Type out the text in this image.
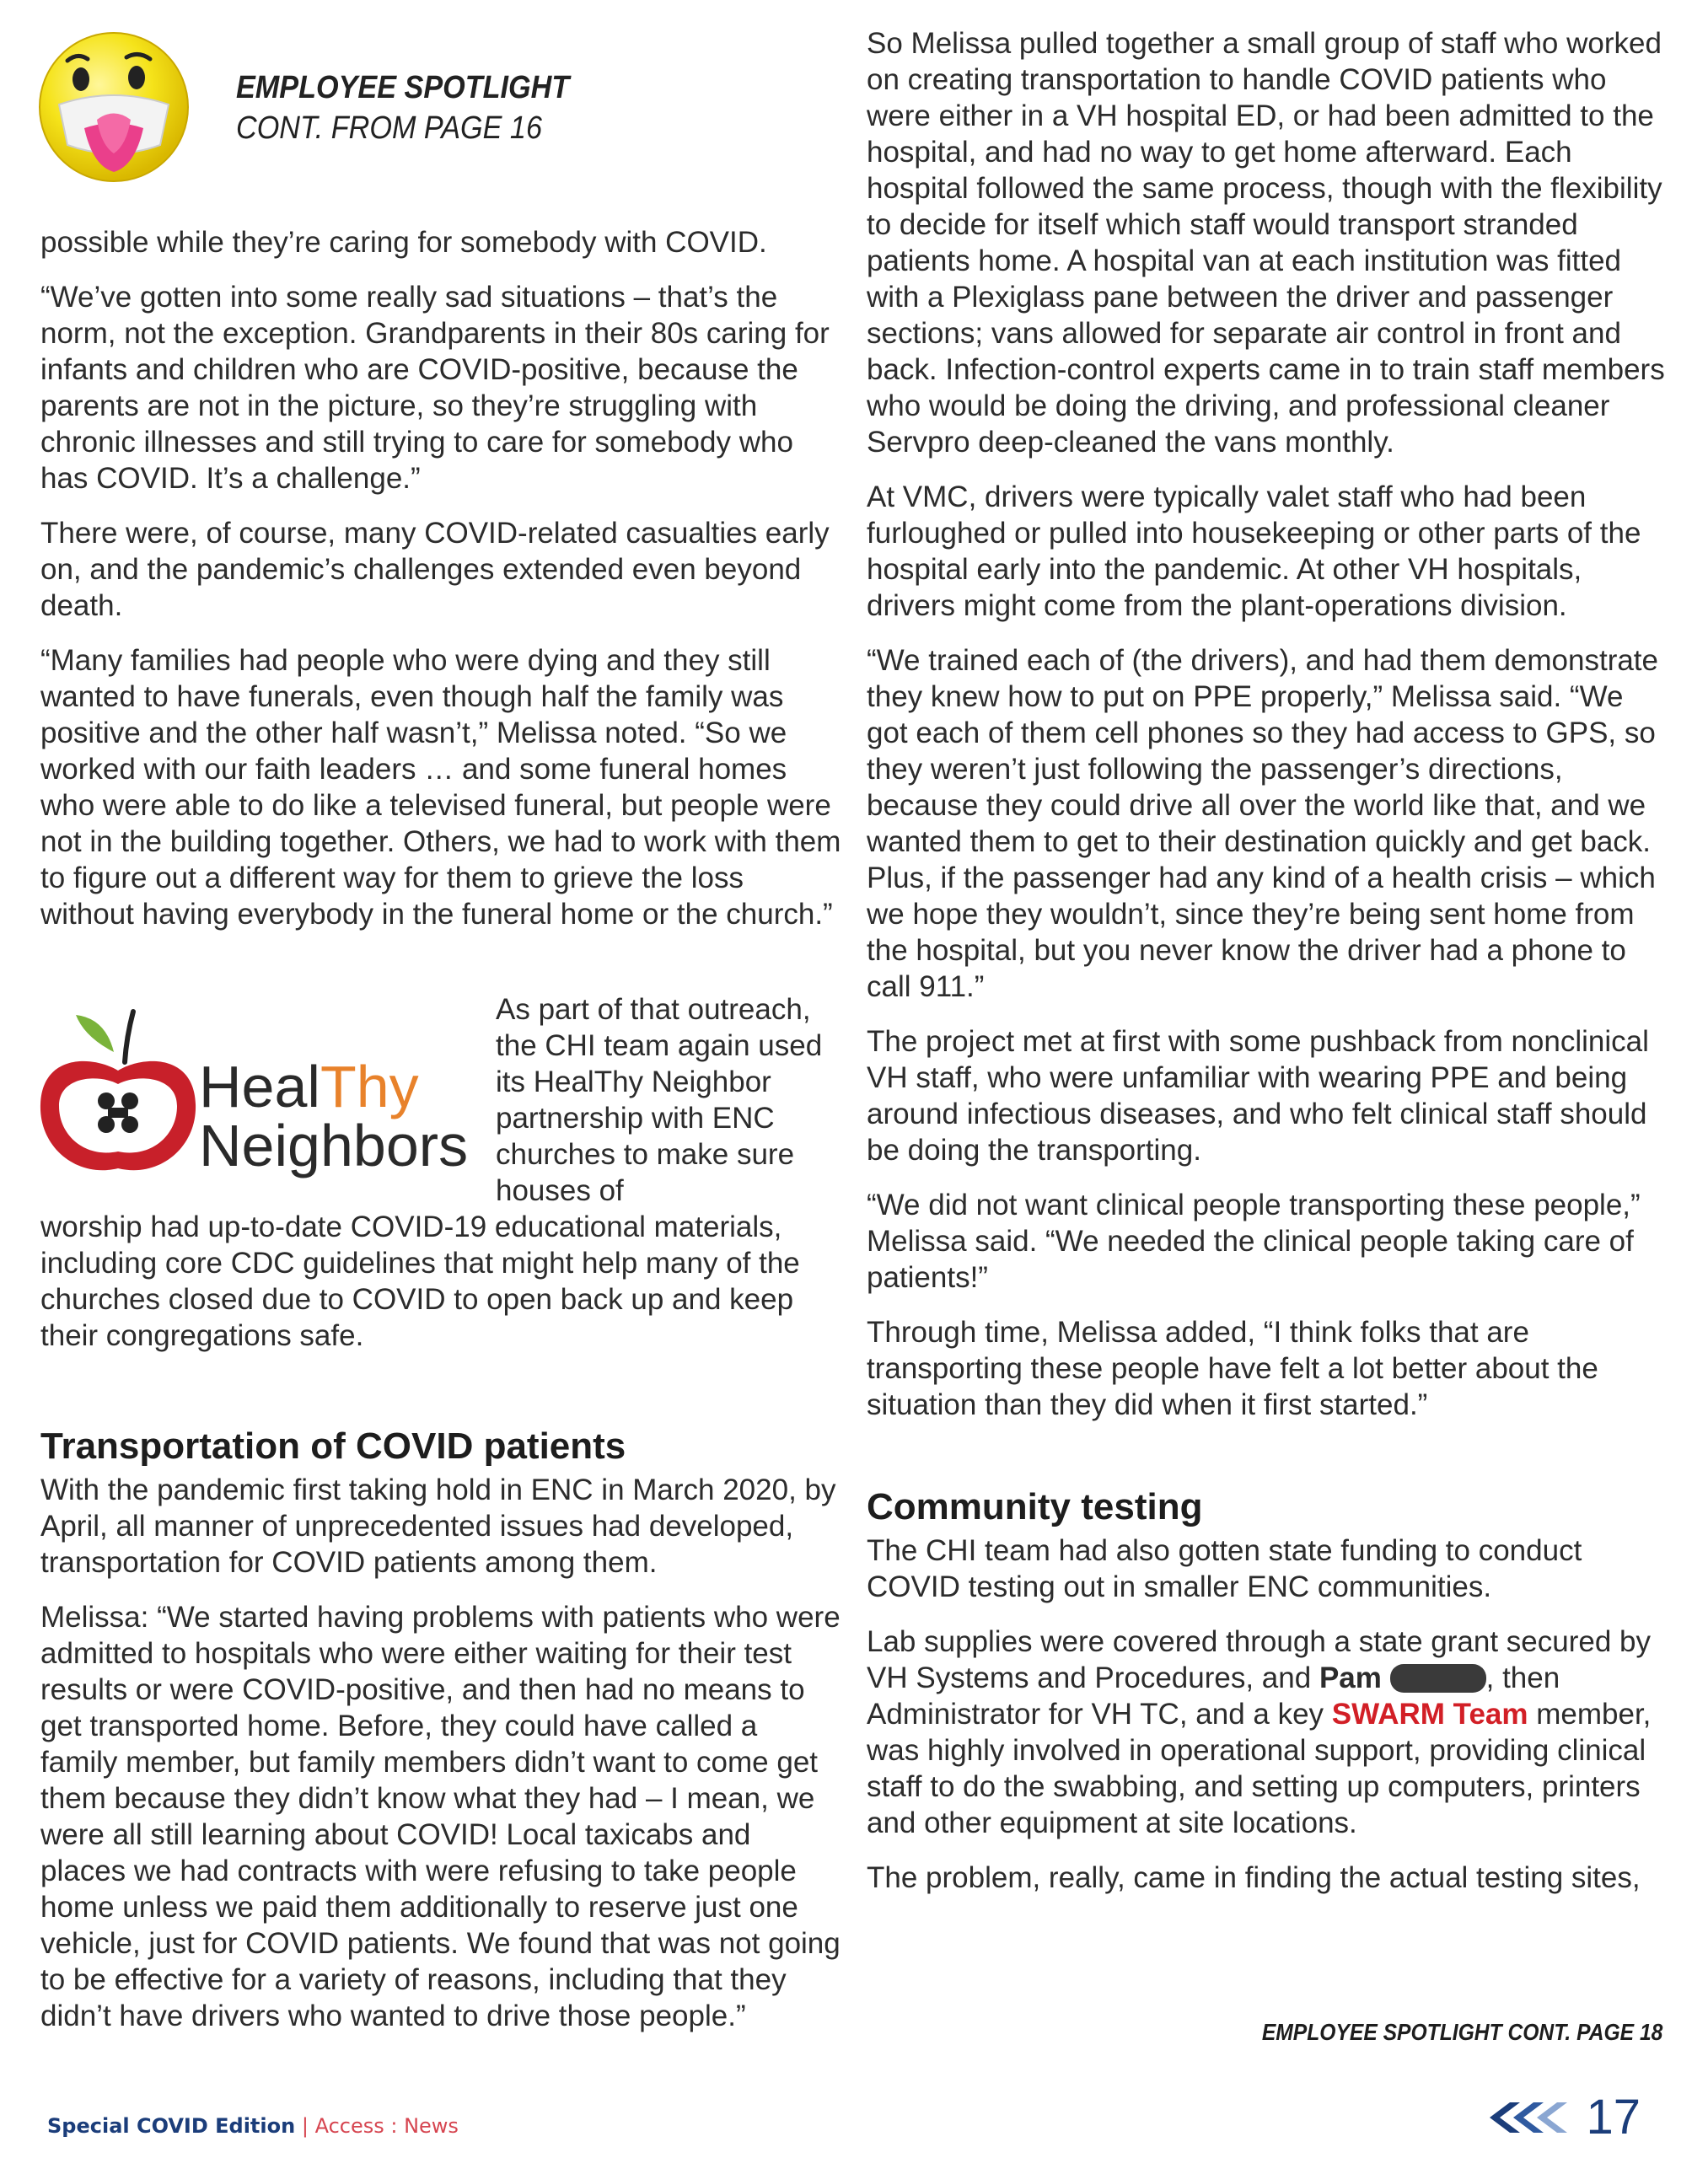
EMPLOYEE SPOTLIGHT
CONT. FROM PAGE 16

possible while they’re caring for somebody with COVID.

“We’ve gotten into some really sad situations – that’s the norm, not the exception. Grandparents in their 80s caring for infants and children who are COVID-positive, because the parents are not in the picture, so they’re struggling with chronic illnesses and still trying to care for somebody who has COVID. It’s a challenge.”

There were, of course, many COVID-related casualties early on, and the pandemic’s challenges extended even beyond death.

“Many families had people who were dying and they still wanted to have funerals, even though half the family was positive and the other half wasn’t,” Melissa noted. “So we worked with our faith leaders … and some funeral homes who were able to do like a televised funeral, but people were not in the building together. Others, we had to work with them to figure out a different way for them to grieve the loss without having everybody in the funeral home or the church.”

HealThy
Neighbors
As part of that outreach, the CHI team again used its HealThy Neighbor partnership with ENC churches to make sure houses of

worship had up-to-date COVID-19 educational materials, including core CDC guidelines that might help many of the churches closed due to COVID to open back up and keep their congregations safe.

Transportation of COVID patients

With the pandemic first taking hold in ENC in March 2020, by April, all manner of unprecedented issues had developed, transportation for COVID patients among them.

Melissa: “We started having problems with patients who were admitted to hospitals who were either waiting for their test results or were COVID-positive, and then had no means to get transported home. Before, they could have called a family member, but family members didn’t want to come get them because they didn’t know what they had – I mean, we were all still learning about COVID! Local taxicabs and places we had contracts with were refusing to take people home unless we paid them additionally to reserve just one vehicle, just for COVID patients. We found that was not going to be effective for a variety of reasons, including that they didn’t have drivers who wanted to drive those people.”

So Melissa pulled together a small group of staff who worked on creating transportation to handle COVID patients who were either in a VH hospital ED, or had been admitted to the hospital, and had no way to get home afterward. Each hospital followed the same process, though with the flexibility to decide for itself which staff would transport stranded patients home. A hospital van at each institution was fitted with a Plexiglass pane between the driver and passenger sections; vans allowed for separate air control in front and back. Infection-control experts came in to train staff members who would be doing the driving, and professional cleaner Servpro deep-cleaned the vans monthly.

At VMC, drivers were typically valet staff who had been furloughed or pulled into housekeeping or other parts of the hospital early into the pandemic. At other VH hospitals, drivers might come from the plant-operations division.

“We trained each of (the drivers), and had them demonstrate they knew how to put on PPE properly,” Melissa said. “We got each of them cell phones so they had access to GPS, so they weren’t just following the passenger’s directions, because they could drive all over the world like that, and we wanted them to get to their destination quickly and get back. Plus, if the passenger had any kind of a health crisis – which we hope they wouldn’t, since they’re being sent home from the hospital, but you never know the driver had a phone to call 911.”

The project met at first with some pushback from nonclinical VH staff, who were unfamiliar with wearing PPE and being around infectious diseases, and who felt clinical staff should be doing the transporting.

“We did not want clinical people transporting these people,” Melissa said. “We needed the clinical people taking care of patients!”

Through time, Melissa added, “I think folks that are transporting these people have felt a lot better about the situation than they did when it first started.”

Community testing

The CHI team had also gotten state funding to conduct COVID testing out in smaller ENC communities.

Lab supplies were covered through a state grant secured by VH Systems and Procedures, and Pam	, then Administrator for VH TC, and a key SWARM Team member, was highly involved in operational support, providing clinical staff to do the swabbing, and setting up computers, printers and other equipment at site locations.

The problem, really, came in finding the actual testing sites,

EMPLOYEE SPOTLIGHT CONT. PAGE 18
Special COVID Edition | Access : News	17
